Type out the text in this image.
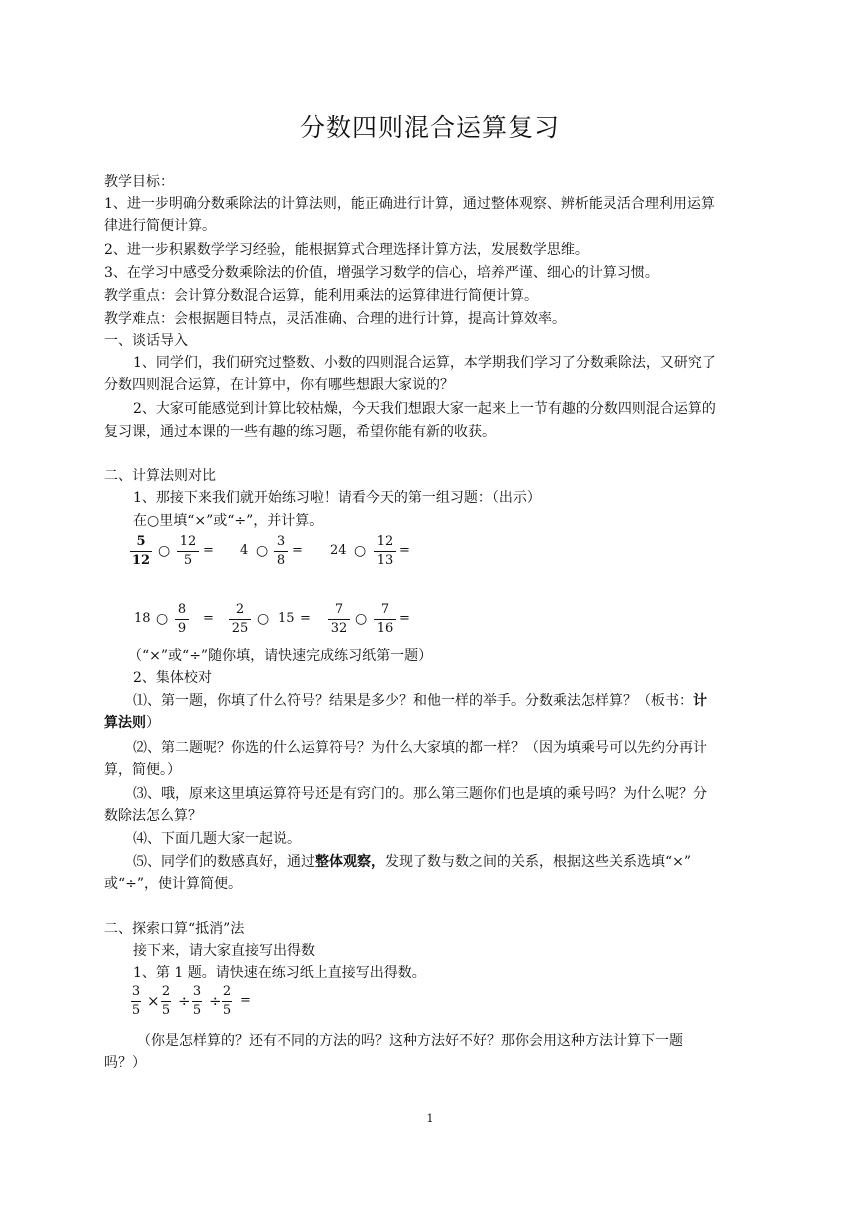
分数四则混合运算复习
教学目标：
1、进一步明确分数乘除法的计算法则，能正确进行计算，通过整体观察、辨析能灵活合理利用运算
律进行简便计算。
2、进一步积累数学学习经验，能根据算式合理选择计算方法，发展数学思维。
3、在学习中感受分数乘除法的价值，增强学习数学的信心，培养严谨、细心的计算习惯。
教学重点：会计算分数混合运算，能利用乘法的运算律进行简便计算。
教学难点：会根据题目特点，灵活准确、合理的进行计算，提高计算效率。
一、谈话导入
1、同学们，我们研究过整数、小数的四则混合运算，本学期我们学习了分数乘除法，又研究了
分数四则混合运算，在计算中，你有哪些想跟大家说的？
2、大家可能感觉到计算比较枯燥，今天我们想跟大家一起来上一节有趣的分数四则混合运算的
复习课，通过本课的一些有趣的练习题，希望你能有新的收获。
二、计算法则对比
1、那接下来我们就开始练习啦！请看今天的第一组习题：（出示）
在○里填“×”或“÷”，并计算。
5
12
○
12
5
= 4 ○
3
8
= 24 ○
12
13
=
18 ○
8
9
=
2
25
○ 15 =
7
32
○
7
16
=
（“×”或“÷”随你填，请快速完成练习纸第一题）
2、集体校对
⑴、第一题，你填了什么符号？结果是多少？和他一样的举手。分数乘法怎样算？（板书：计
算法则）
⑵、第二题呢？你选的什么运算符号？为什么大家填的都一样？（因为填乘号可以先约分再计
算，简便。）
⑶、哦，原来这里填运算符号还是有窍门的。那么第三题你们也是填的乘号吗？为什么呢？分
数除法怎么算？
⑷、下面几题大家一起说。
⑸、同学们的数感真好，通过整体观察，发现了数与数之间的关系，根据这些关系选填“×”
或“÷”，使计算简便。
二、探索口算“抵消”法
接下来，请大家直接写出得数
1、第 1 题。请快速在练习纸上直接写出得数。
3
5
×
2
5
÷
3
5
÷
2
5
=
（你是怎样算的？还有不同的方法的吗？这种方法好不好？那你会用这种方法计算下一题
吗？）
1
